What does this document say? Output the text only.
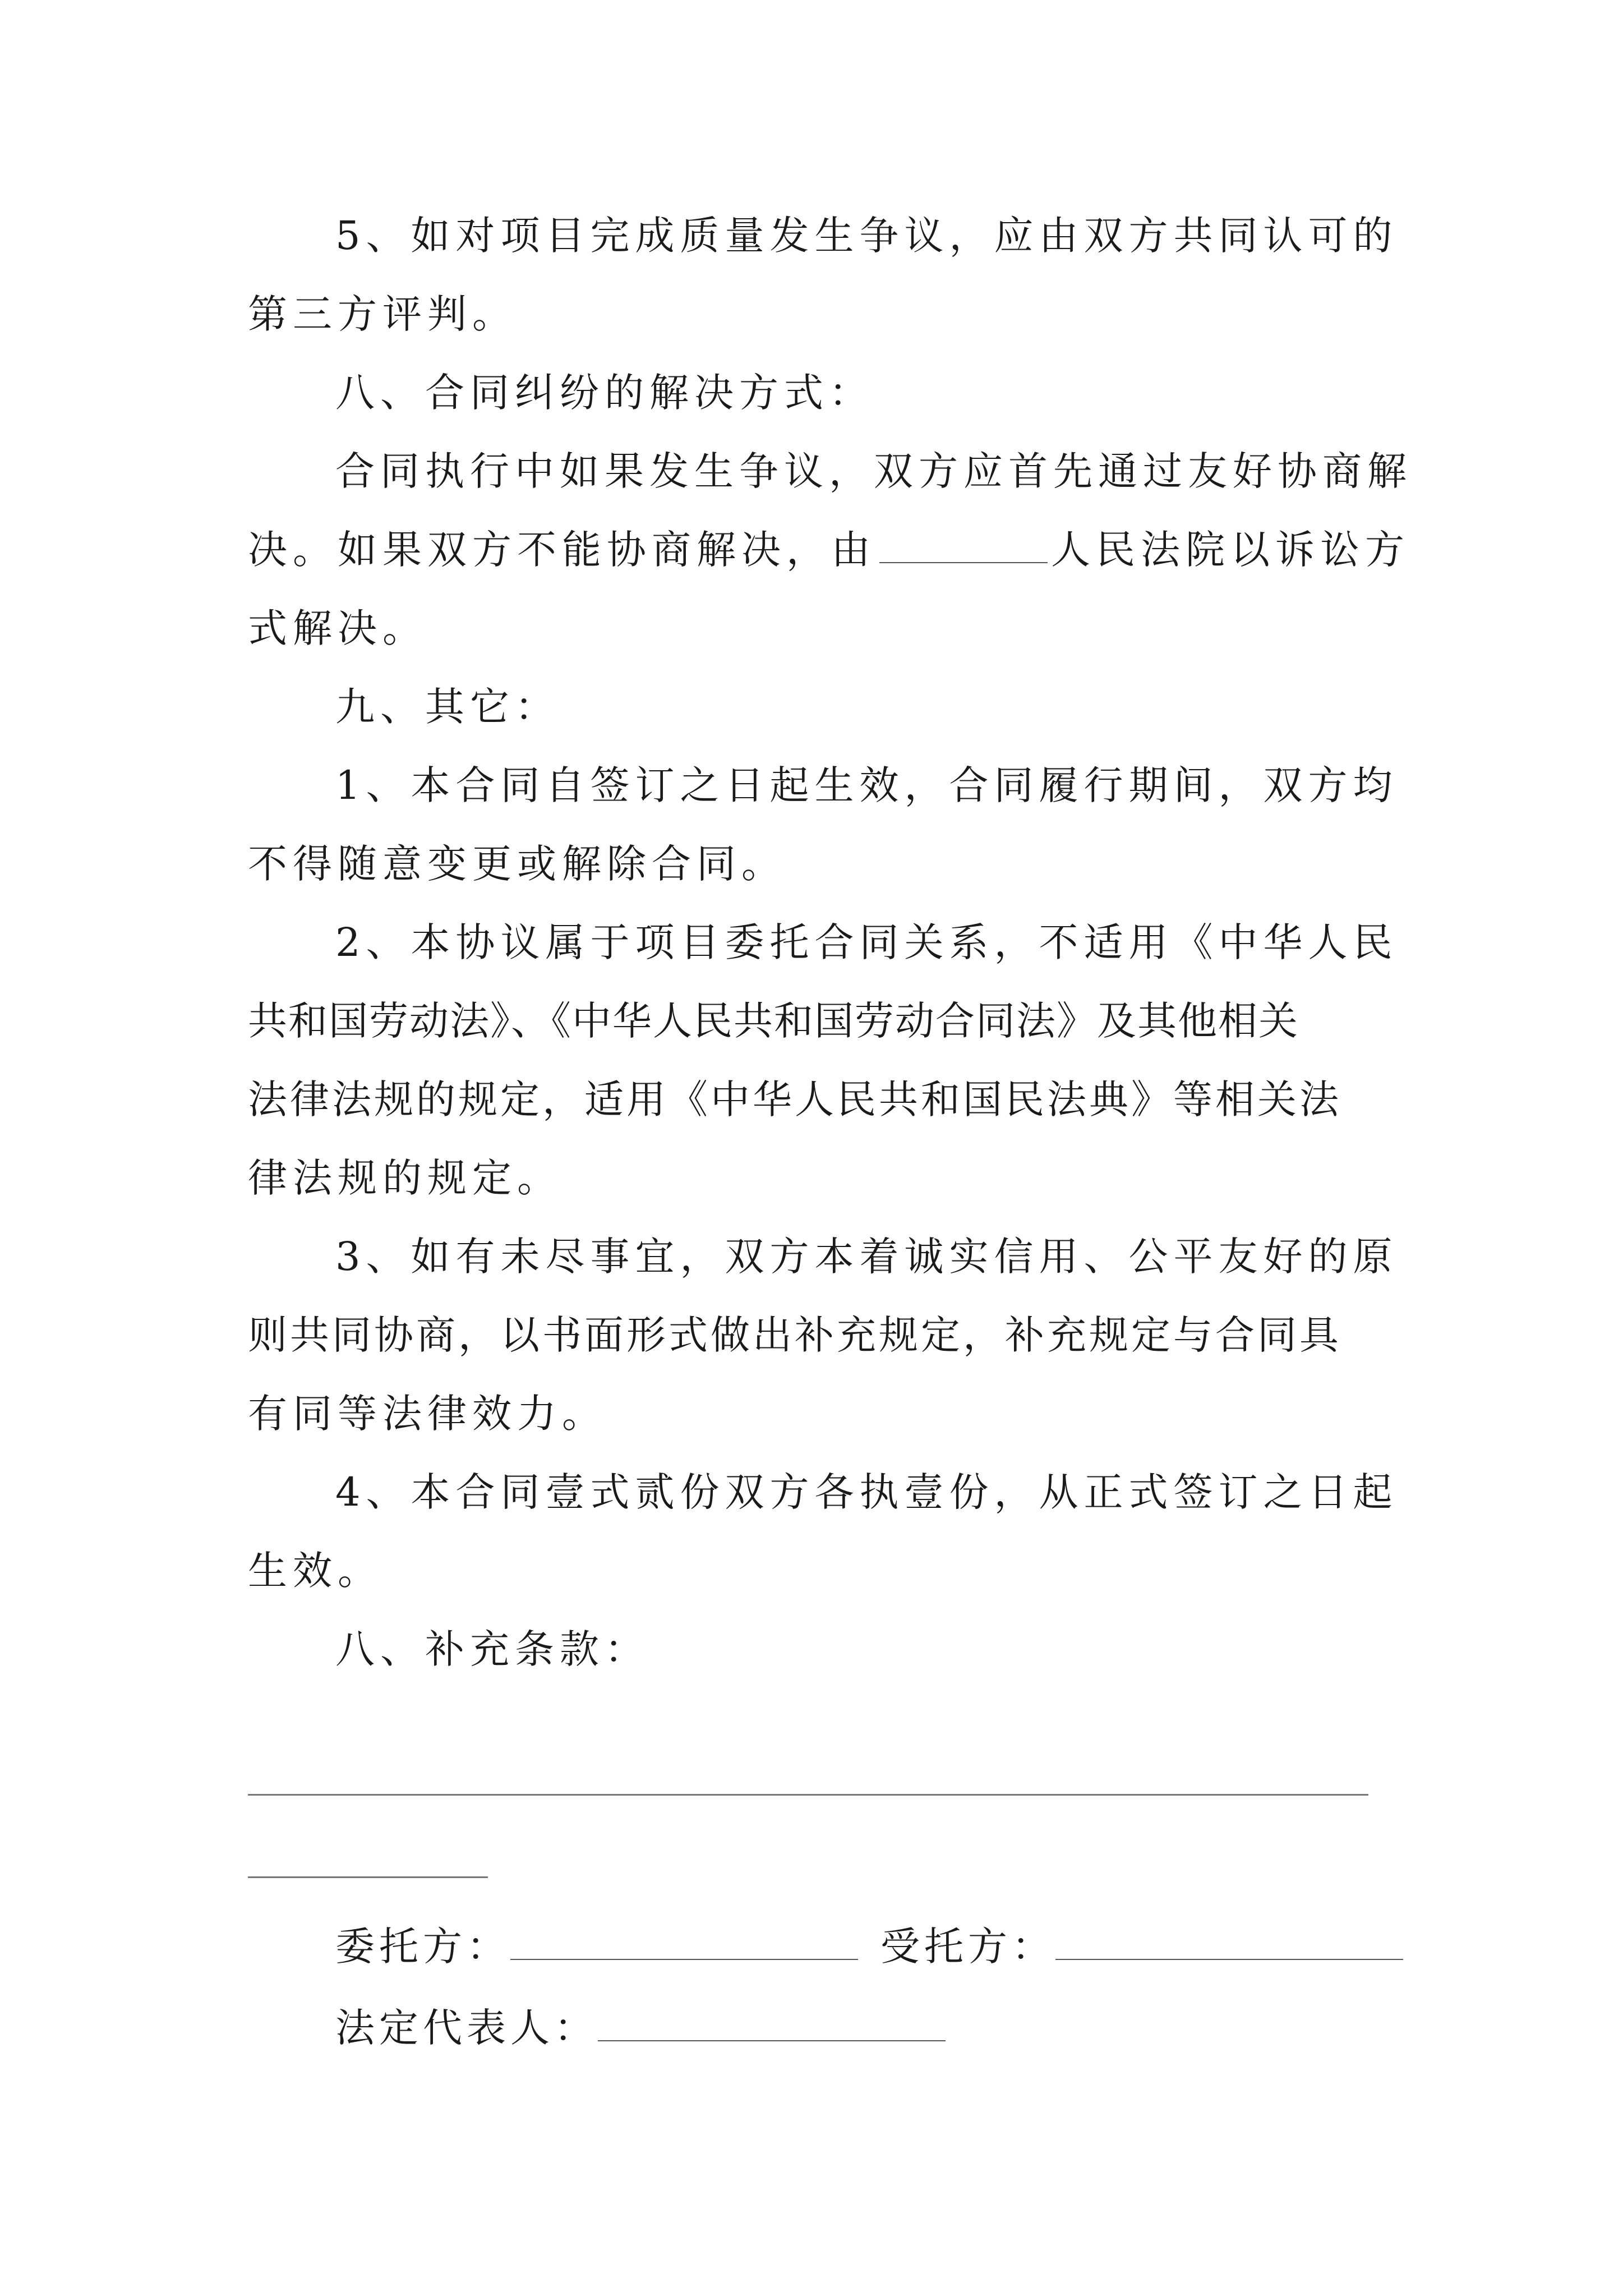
5、如对项目完成质量发生争议，应由双方共同认可的
第三方评判。
八、合同纠纷的解决方式：
合同执行中如果发生争议，双方应首先通过友好协商解
决。如果双方不能协商解决，由	人民法院以诉讼方
式解决。
九、其它：
1、本合同自签订之日起生效，合同履行期间，双方均
不得随意变更或解除合同。
2、本协议属于项目委托合同关系，不适用《中华人民
共和国劳动法》、《中华人民共和国劳动合同法》及其他相关
法律法规的规定，适用《中华人民共和国民法典》等相关法
律法规的规定。
3、如有未尽事宜，双方本着诚实信用、公平友好的原
则共同协商，以书面形式做出补充规定，补充规定与合同具
有同等法律效力。
4、本合同壹式贰份双方各执壹份，从正式签订之日起
生效。
八、补充条款：
委托方：	受托方：
法定代表人：
